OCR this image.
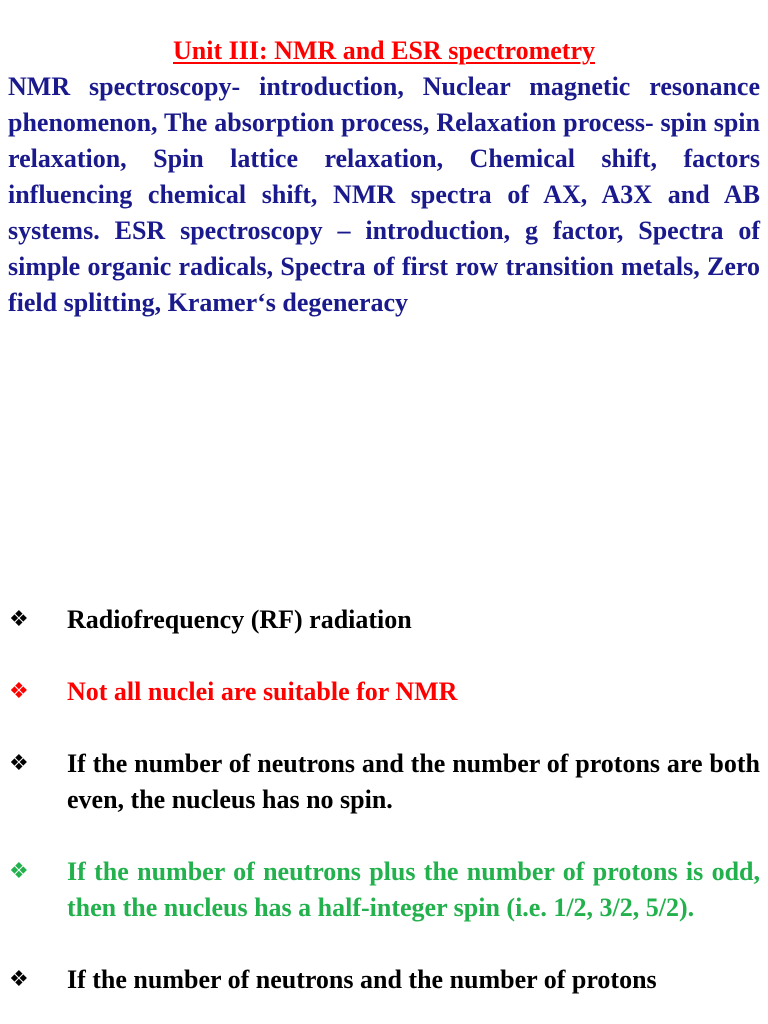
Unit III: NMR and ESR spectrometry

NMR spectroscopy- introduction, Nuclear magnetic resonance phenomenon, The absorption process, Relaxation process- spin spin relaxation, Spin lattice relaxation, Chemical shift, factors influencing chemical shift, NMR spectra of AX, A3X and AB systems. ESR spectroscopy – introduction, g factor, Spectra of simple organic radicals, Spectra of first row transition metals, Zero field splitting, Kramer‘s degeneracy

❖	Radiofrequency (RF) radiation
❖	Not all nuclei are suitable for NMR
❖	If the number of neutrons and the number of protons are both even, the nucleus has no spin.
❖	If the number of neutrons plus the number of protons is odd, then the nucleus has a half-integer spin (i.e. 1/2, 3/2, 5/2).
❖	If the number of neutrons and the number of protons
